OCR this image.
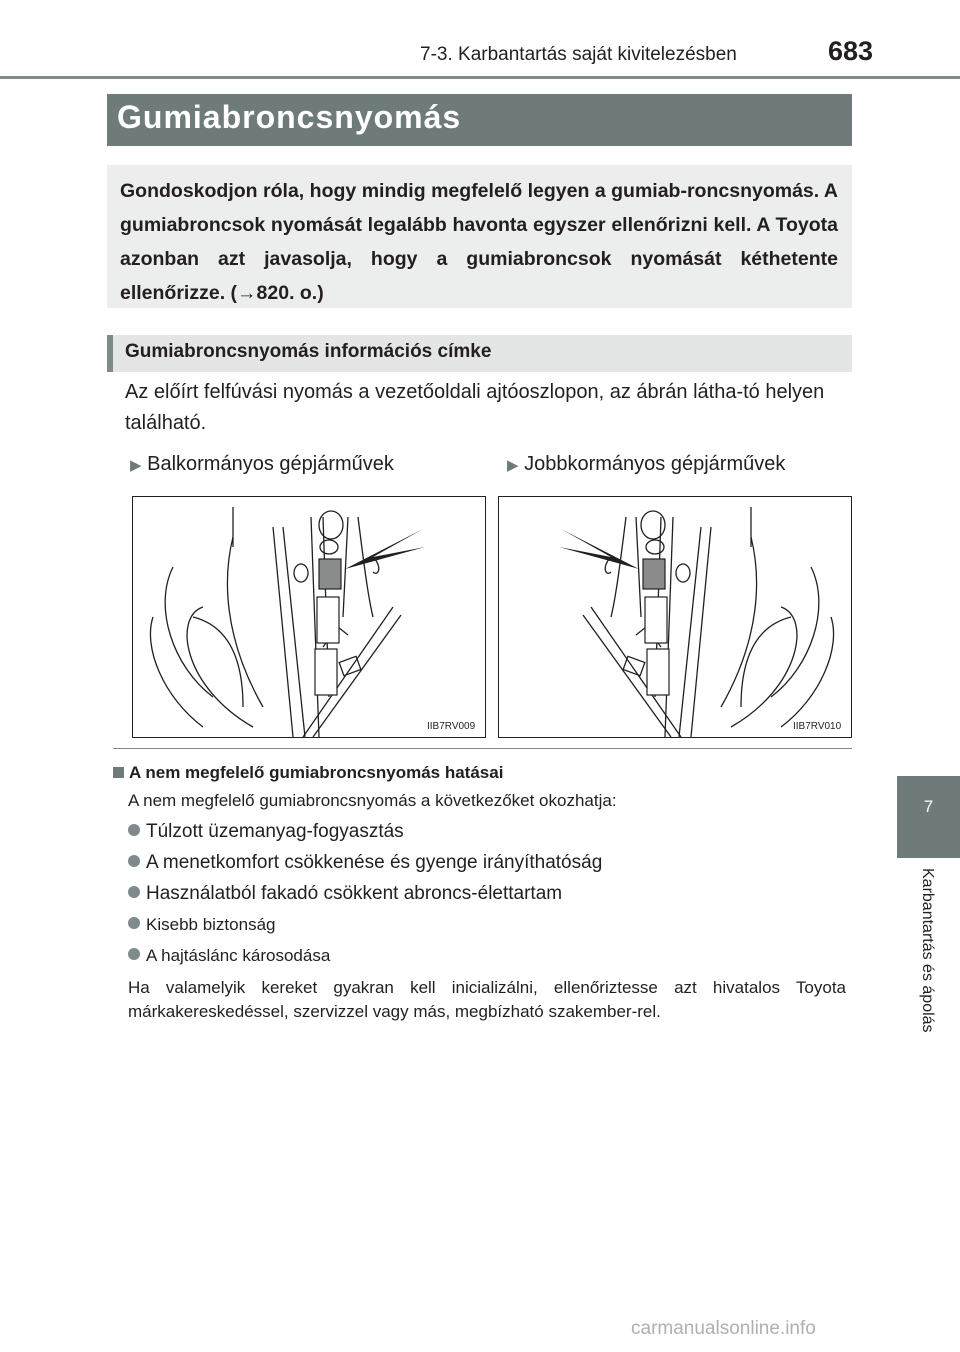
7-3. Karbantartás saját kivitelezésben	683
7
Karbantartás és ápolás
Gumiabroncsnyomás
Gondoskodjon róla, hogy mindig megfelelő legyen a gumiab-roncsnyomás. A gumiabroncsok nyomását legalább havonta egyszer ellenőrizni kell. A Toyota azonban azt javasolja, hogy a gumiabroncsok nyomását kéthetente ellenőrizze. (→820. o.)
Gumiabroncsnyomás információs címke
Az előírt felfúvási nyomás a vezetőoldali ajtóoszlopon, az ábrán látha-tó helyen található.
▶ Balkormányos gépjárművek	▶ Jobbkormányos gépjárművek
IIB7RV009	IIB7RV010
A nem megfelelő gumiabroncsnyomás hatásai
A nem megfelelő gumiabroncsnyomás a következőket okozhatja:
Túlzott üzemanyag-fogyasztás
A menetkomfort csökkenése és gyenge irányíthatóság
Használatból fakadó csökkent abroncs-élettartam
Kisebb biztonság
A hajtáslánc károsodása
Ha valamelyik kereket gyakran kell inicializálni, ellenőriztesse azt hivatalos Toyota márkakereskedéssel, szervizzel vagy más, megbízható szakember-rel.
carmanualsonline.info
